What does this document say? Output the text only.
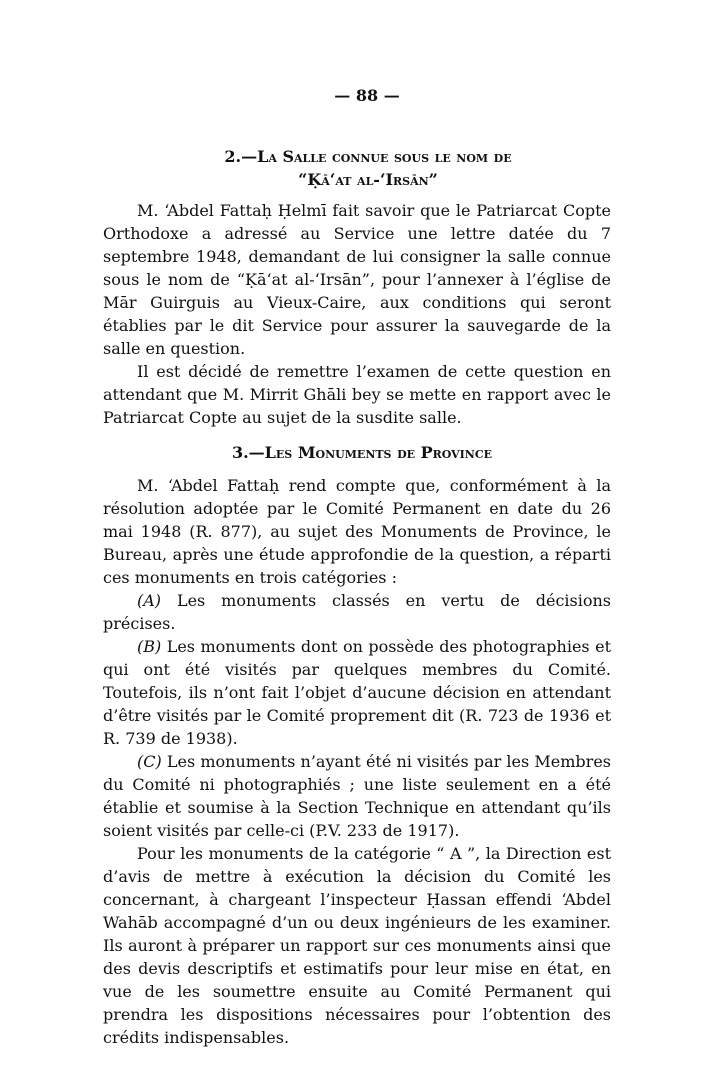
— 88 —
2.—La Salle connue sous le nom de
“Ḳā‘at al-‘Irsān”

M. ‘Abdel Fattaḥ Ḥelmī fait savoir que le Patriarcat Copte Orthodoxe a adressé au Service une lettre datée du 7 septembre 1948, demandant de lui consigner la salle connue sous le nom de “Ḳā‘at al-‘Irsān”, pour l’annexer à l’église de Mār Guirguis au Vieux-Caire, aux conditions qui seront établies par le dit Service pour assurer la sauvegarde de la salle en question.

Il est décidé de remettre l’examen de cette question en attendant que M. Mirrit Ghāli bey se mette en rapport avec le Patriarcat Copte au sujet de la susdite salle.

3.—Les Monuments de Province

M. ‘Abdel Fattaḥ rend compte que, conformément à la résolution adoptée par le Comité Permanent en date du 26 mai 1948 (R. 877), au sujet des Monuments de Province, le Bureau, après une étude approfondie de la question, a réparti ces monuments en trois catégories :

(A) Les monuments classés en vertu de décisions précises.

(B) Les monuments dont on possède des photographies et qui ont été visités par quelques membres du Comité. Toutefois, ils n’ont fait l’objet d’aucune décision en attendant d’être visités par le Comité proprement dit (R. 723 de 1936 et R. 739 de 1938).

(C) Les monuments n’ayant été ni visités par les Membres du Comité ni photographiés ; une liste seulement en a été établie et soumise à la Section Technique en attendant qu’ils soient visités par celle-ci (P.V. 233 de 1917).

Pour les monuments de la catégorie “ A ”, la Direction est d’avis de mettre à exécution la décision du Comité les concernant, à chargeant l’inspecteur Ḥassan effendi ‘Abdel Wahāb accompagné d’un ou deux ingénieurs de les examiner. Ils auront à préparer un rapport sur ces monuments ainsi que des devis descriptifs et estimatifs pour leur mise en état, en vue de les soumettre ensuite au Comité Permanent qui prendra les dispositions nécessaires pour l’obtention des crédits indispensables.
